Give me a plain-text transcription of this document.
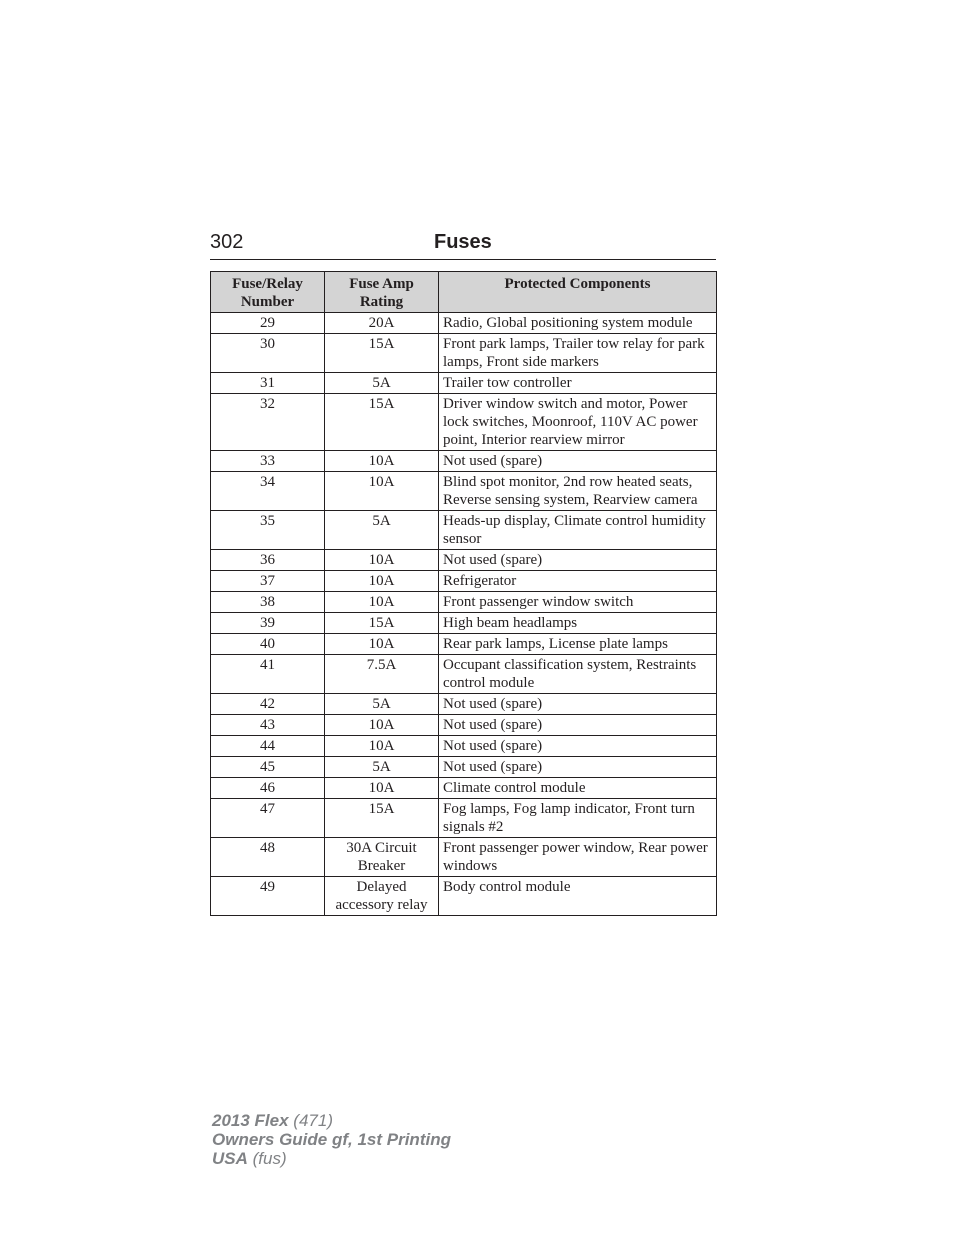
302	Fuses
Fuse/Relay Number	Fuse Amp Rating	Protected Components
29	20A	Radio, Global positioning system module
30	15A	Front park lamps, Trailer tow relay for park lamps, Front side markers
31	5A	Trailer tow controller
32	15A	Driver window switch and motor, Power lock switches, Moonroof, 110V AC power point, Interior rearview mirror
33	10A	Not used (spare)
34	10A	Blind spot monitor, 2nd row heated seats, Reverse sensing system, Rearview camera
35	5A	Heads-up display, Climate control humidity sensor
36	10A	Not used (spare)
37	10A	Refrigerator
38	10A	Front passenger window switch
39	15A	High beam headlamps
40	10A	Rear park lamps, License plate lamps
41	7.5A	Occupant classification system, Restraints control module
42	5A	Not used (spare)
43	10A	Not used (spare)
44	10A	Not used (spare)
45	5A	Not used (spare)
46	10A	Climate control module
47	15A	Fog lamps, Fog lamp indicator, Front turn signals #2
48	30A Circuit Breaker	Front passenger power window, Rear power windows
49	Delayed accessory relay	Body control module
2013 Flex (471)
Owners Guide gf, 1st Printing
USA (fus)
